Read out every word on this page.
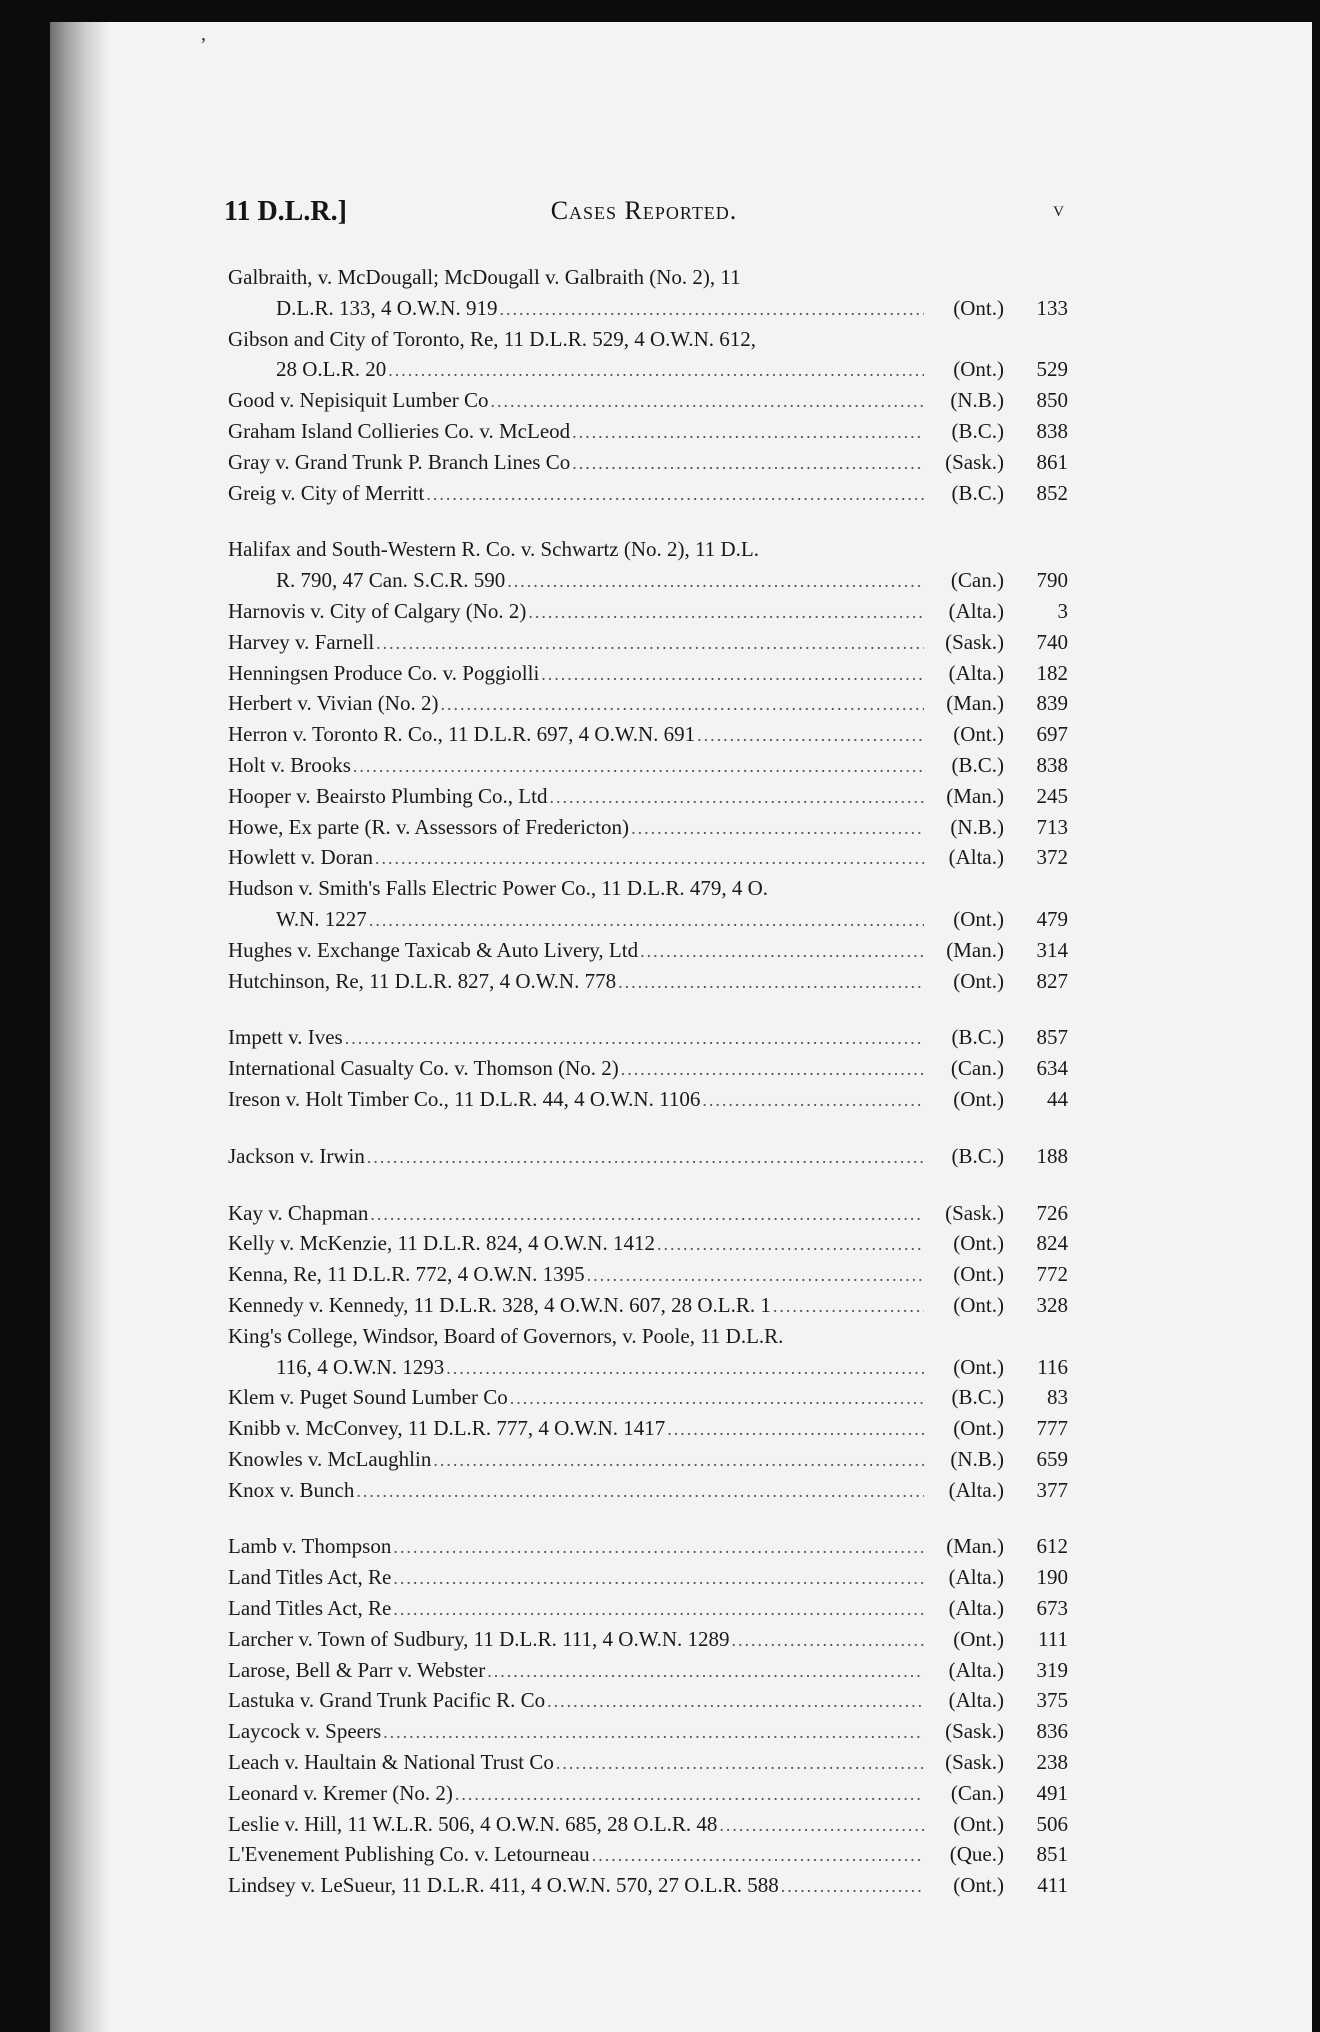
’
11 D.L.R.]	Cases Reported.	v
Galbraith, v. McDougall; McDougall v. Galbraith (No. 2), 11
D.L.R. 133, 4 O.W.N. 919 .....	(Ont.)	133
Gibson and City of Toronto, Re, 11 D.L.R. 529, 4 O.W.N. 612,
28 O.L.R. 20 .....	(Ont.)	529
Good v. Nepisiquit Lumber Co .....	(N.B.)	850
Graham Island Collieries Co. v. McLeod .....	(B.C.)	838
Gray v. Grand Trunk P. Branch Lines Co .....	(Sask.)	861
Greig v. City of Merritt .....	(B.C.)	852
Halifax and South-Western R. Co. v. Schwartz (No. 2), 11 D.L.
R. 790, 47 Can. S.C.R. 590 .....	(Can.)	790
Harnovis v. City of Calgary (No. 2) .....	(Alta.)	3
Harvey v. Farnell .....	(Sask.)	740
Henningsen Produce Co. v. Poggiolli .....	(Alta.)	182
Herbert v. Vivian (No. 2) .....	(Man.)	839
Herron v. Toronto R. Co., 11 D.L.R. 697, 4 O.W.N. 691 .....	(Ont.)	697
Holt v. Brooks .....	(B.C.)	838
Hooper v. Beairsto Plumbing Co., Ltd .....	(Man.)	245
Howe, Ex parte (R. v. Assessors of Fredericton) .....	(N.B.)	713
Howlett v. Doran .....	(Alta.)	372
Hudson v. Smith's Falls Electric Power Co., 11 D.L.R. 479, 4 O.
W.N. 1227 .....	(Ont.)	479
Hughes v. Exchange Taxicab & Auto Livery, Ltd .....	(Man.)	314
Hutchinson, Re, 11 D.L.R. 827, 4 O.W.N. 778 .....	(Ont.)	827
Impett v. Ives .....	(B.C.)	857
International Casualty Co. v. Thomson (No. 2) .....	(Can.)	634
Ireson v. Holt Timber Co., 11 D.L.R. 44, 4 O.W.N. 1106 .....	(Ont.)	44
Jackson v. Irwin .....	(B.C.)	188
Kay v. Chapman .....	(Sask.)	726
Kelly v. McKenzie, 11 D.L.R. 824, 4 O.W.N. 1412 .....	(Ont.)	824
Kenna, Re, 11 D.L.R. 772, 4 O.W.N. 1395 .....	(Ont.)	772
Kennedy v. Kennedy, 11 D.L.R. 328, 4 O.W.N. 607, 28 O.L.R. 1 .....	(Ont.)	328
King's College, Windsor, Board of Governors, v. Poole, 11 D.L.R.
116, 4 O.W.N. 1293 .....	(Ont.)	116
Klem v. Puget Sound Lumber Co .....	(B.C.)	83
Knibb v. McConvey, 11 D.L.R. 777, 4 O.W.N. 1417 .....	(Ont.)	777
Knowles v. McLaughlin .....	(N.B.)	659
Knox v. Bunch .....	(Alta.)	377
Lamb v. Thompson .....	(Man.)	612
Land Titles Act, Re .....	(Alta.)	190
Land Titles Act, Re .....	(Alta.)	673
Larcher v. Town of Sudbury, 11 D.L.R. 111, 4 O.W.N. 1289 .....	(Ont.)	111
Larose, Bell & Parr v. Webster .....	(Alta.)	319
Lastuka v. Grand Trunk Pacific R. Co .....	(Alta.)	375
Laycock v. Speers .....	(Sask.)	836
Leach v. Haultain & National Trust Co .....	(Sask.)	238
Leonard v. Kremer (No. 2) .....	(Can.)	491
Leslie v. Hill, 11 W.L.R. 506, 4 O.W.N. 685, 28 O.L.R. 48 .....	(Ont.)	506
L'Evenement Publishing Co. v. Letourneau .....	(Que.)	851
Lindsey v. LeSueur, 11 D.L.R. 411, 4 O.W.N. 570, 27 O.L.R. 588 .....	(Ont.)	411
